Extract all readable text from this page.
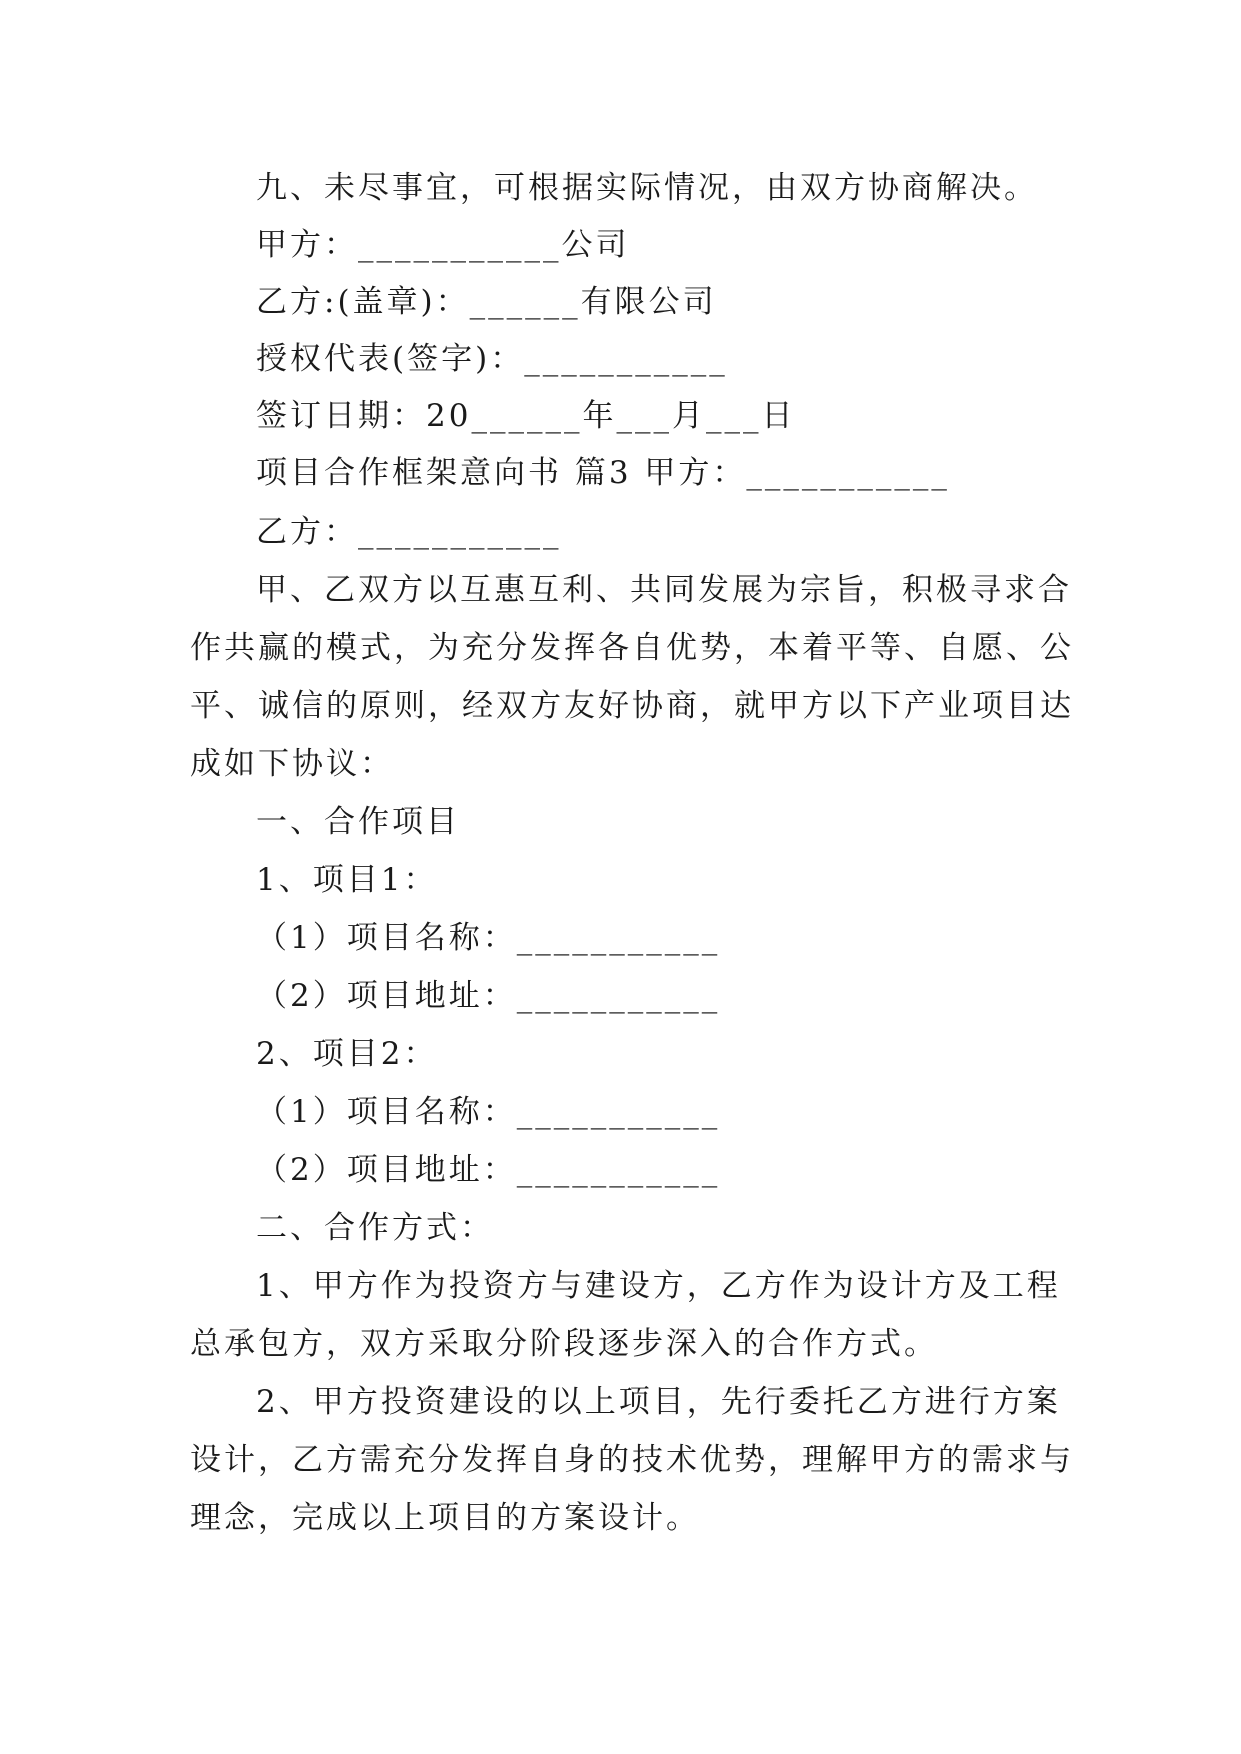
九、未尽事宜，可根据实际情况，由双方协商解决。
甲方：___________公司
乙方:(盖章)：______有限公司
授权代表(签字)：___________
签订日期：20______年___月___日
项目合作框架意向书 篇3 甲方：___________
乙方：___________
甲、乙双方以互惠互利、共同发展为宗旨，积极寻求合
作共赢的模式，为充分发挥各自优势，本着平等、自愿、公
平、诚信的原则，经双方友好协商，就甲方以下产业项目达
成如下协议：
一、合作项目
1、项目1：
（1）项目名称：___________
（2）项目地址：___________
2、项目2：
（1）项目名称：___________
（2）项目地址：___________
二、合作方式：
1、甲方作为投资方与建设方，乙方作为设计方及工程
总承包方，双方采取分阶段逐步深入的合作方式。
2、甲方投资建设的以上项目，先行委托乙方进行方案
设计，乙方需充分发挥自身的技术优势，理解甲方的需求与
理念，完成以上项目的方案设计。
